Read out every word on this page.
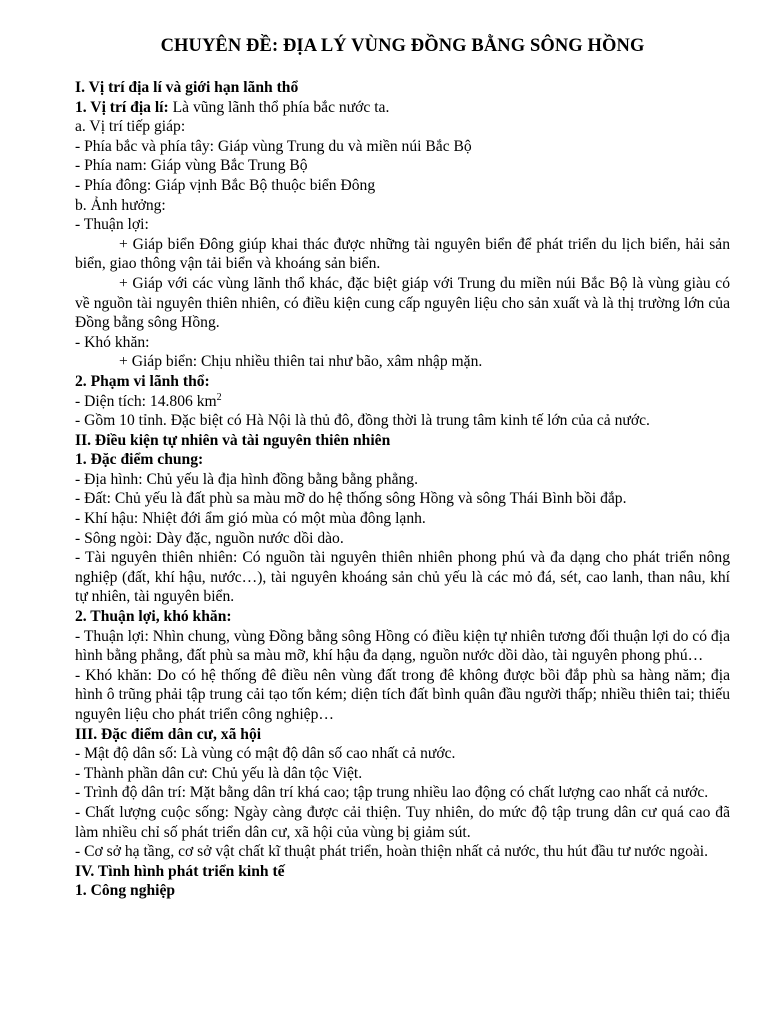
CHUYÊN ĐỀ: ĐỊA LÝ VÙNG ĐỒNG BẰNG SÔNG HỒNG

I. Vị trí địa lí và giới hạn lãnh thổ

1. Vị trí địa lí: Là vũng lãnh thổ phía bắc nước ta.

a. Vị trí tiếp giáp:

- Phía bắc và phía tây: Giáp vùng Trung du và miền núi Bắc Bộ

- Phía nam: Giáp vùng Bắc Trung Bộ

- Phía đông: Giáp vịnh Bắc Bộ thuộc biển Đông

b. Ảnh hưởng:

- Thuận lợi:

+ Giáp biển Đông giúp khai thác được những tài nguyên biển để phát triển du lịch biển, hải sản biển, giao thông vận tải biển và khoáng sản biển.

+ Giáp với các vùng lãnh thổ khác, đặc biệt giáp với Trung du miền núi Bắc Bộ là vùng giàu có về nguồn tài nguyên thiên nhiên, có điều kiện cung cấp nguyên liệu cho sản xuất và là thị trường lớn của Đồng bằng sông Hồng.

- Khó khăn:

+ Giáp biển: Chịu nhiều thiên tai như bão, xâm nhập mặn.

2. Phạm vi lãnh thổ:

- Diện tích: 14.806 $km^2$

- Gồm 10 tỉnh. Đặc biệt có Hà Nội là thủ đô, đồng thời là trung tâm kinh tế lớn của cả nước.

II. Điều kiện tự nhiên và tài nguyên thiên nhiên

1. Đặc điểm chung:

- Địa hình: Chủ yếu là địa hình đồng bằng bằng phẳng.

- Đất: Chủ yếu là đất phù sa màu mỡ do hệ thống sông Hồng và sông Thái Bình bồi đắp.

- Khí hậu: Nhiệt đới ẩm gió mùa có một mùa đông lạnh.

- Sông ngòi: Dày đặc, nguồn nước dồi dào.

- Tài nguyên thiên nhiên: Có nguồn tài nguyên thiên nhiên phong phú và đa dạng cho phát triển nông nghiệp (đất, khí hậu, nước…), tài nguyên khoáng sản chủ yếu là các mỏ đá, sét, cao lanh, than nâu, khí tự nhiên, tài nguyên biển.

2. Thuận lợi, khó khăn:

- Thuận lợi: Nhìn chung, vùng Đồng bằng sông Hồng có điều kiện tự nhiên tương đối thuận lợi do có địa hình bằng phẳng, đất phù sa màu mỡ, khí hậu đa dạng, nguồn nước dồi dào, tài nguyên phong phú…

- Khó khăn: Do có hệ thống đê điều nên vùng đất trong đê không được bồi đắp phù sa hàng năm; địa hình ô trũng phải tập trung cải tạo tốn kém; diện tích đất bình quân đầu người thấp; nhiều thiên tai; thiếu nguyên liệu cho phát triển công nghiệp…

III. Đặc điểm dân cư, xã hội

- Mật độ dân số: Là vùng có mật độ dân số cao nhất cả nước.

- Thành phần dân cư: Chủ yếu là dân tộc Việt.

- Trình độ dân trí: Mặt bằng dân trí khá cao; tập trung nhiều lao động có chất lượng cao nhất cả nước.

- Chất lượng cuộc sống: Ngày càng được cải thiện. Tuy nhiên, do mức độ tập trung dân cư quá cao đã làm nhiều chỉ số phát triển dân cư, xã hội của vùng bị giảm sút.

- Cơ sở hạ tầng, cơ sở vật chất kĩ thuật phát triển, hoàn thiện nhất cả nước, thu hút đầu tư nước ngoài.

IV. Tình hình phát triển kinh tế

1. Công nghiệp
